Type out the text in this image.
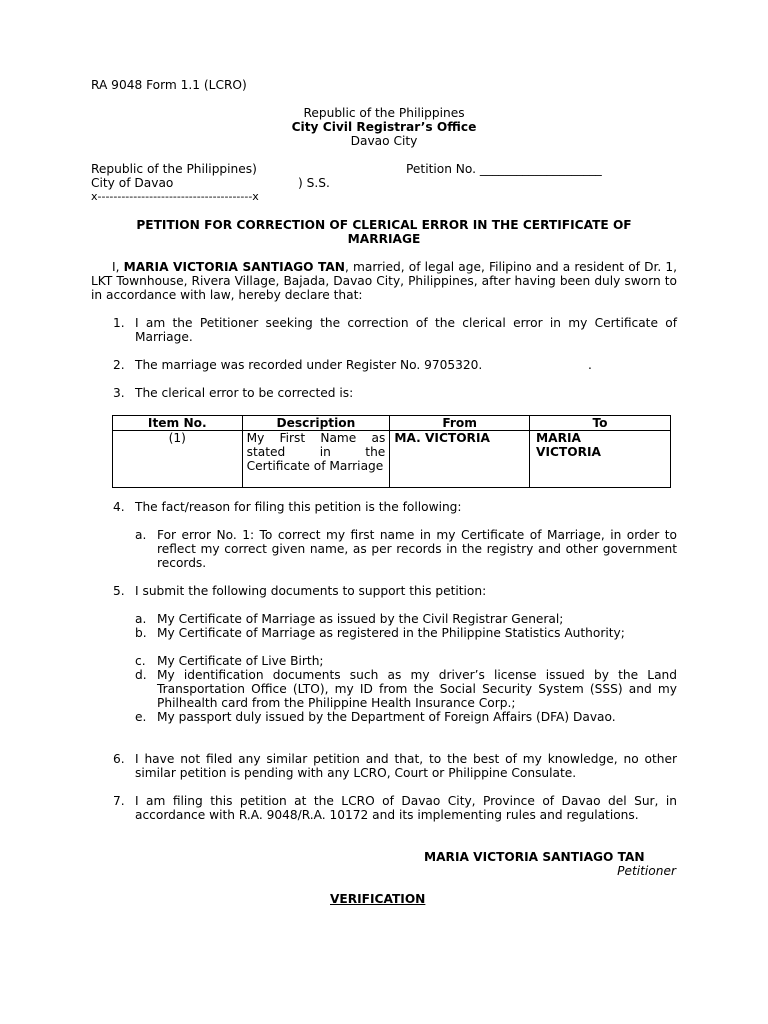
RA 9048 Form 1.1 (LCRO)
Republic of the Philippines
City Civil Registrar’s Office
Davao City
Republic of the Philippines)
City of Davao	) S.S.
x---------------------------------------x
Petition No. ____________________
PETITION FOR CORRECTION OF CLERICAL ERROR IN THE CERTIFICATE OF
MARRIAGE
I, MARIA VICTORIA SANTIAGO TAN, married, of legal age, Filipino and a resident of Dr. 1, LKT Townhouse, Rivera Village, Bajada, Davao City, Philippines, after having been duly sworn to in accordance with law, hereby declare that:
1. I am the Petitioner seeking the correction of the clerical error in my Certificate of Marriage.
2. The marriage was recorded under Register No. 9705320.	.
3. The clerical error to be corrected is:
Item No.	Description	From	To
(1)	My First Name as stated in the Certificate of Marriage	MA. VICTORIA	MARIA VICTORIA
4. The fact/reason for filing this petition is the following:
a. For error No. 1: To correct my first name in my Certificate of Marriage, in order to reflect my correct given name, as per records in the registry and other government records.
5. I submit the following documents to support this petition:
a. My Certificate of Marriage as issued by the Civil Registrar General;
b. My Certificate of Marriage as registered in the Philippine Statistics Authority;
c. My Certificate of Live Birth;
d. My identification documents such as my driver’s license issued by the Land Transportation Office (LTO), my ID from the Social Security System (SSS) and my Philhealth card from the Philippine Health Insurance Corp.;
e. My passport duly issued by the Department of Foreign Affairs (DFA) Davao.
6. I have not filed any similar petition and that, to the best of my knowledge, no other similar petition is pending with any LCRO, Court or Philippine Consulate.
7. I am filing this petition at the LCRO of Davao City, Province of Davao del Sur, in accordance with R.A. 9048/R.A. 10172 and its implementing rules and regulations.
MARIA VICTORIA SANTIAGO TAN
Petitioner
VERIFICATION
